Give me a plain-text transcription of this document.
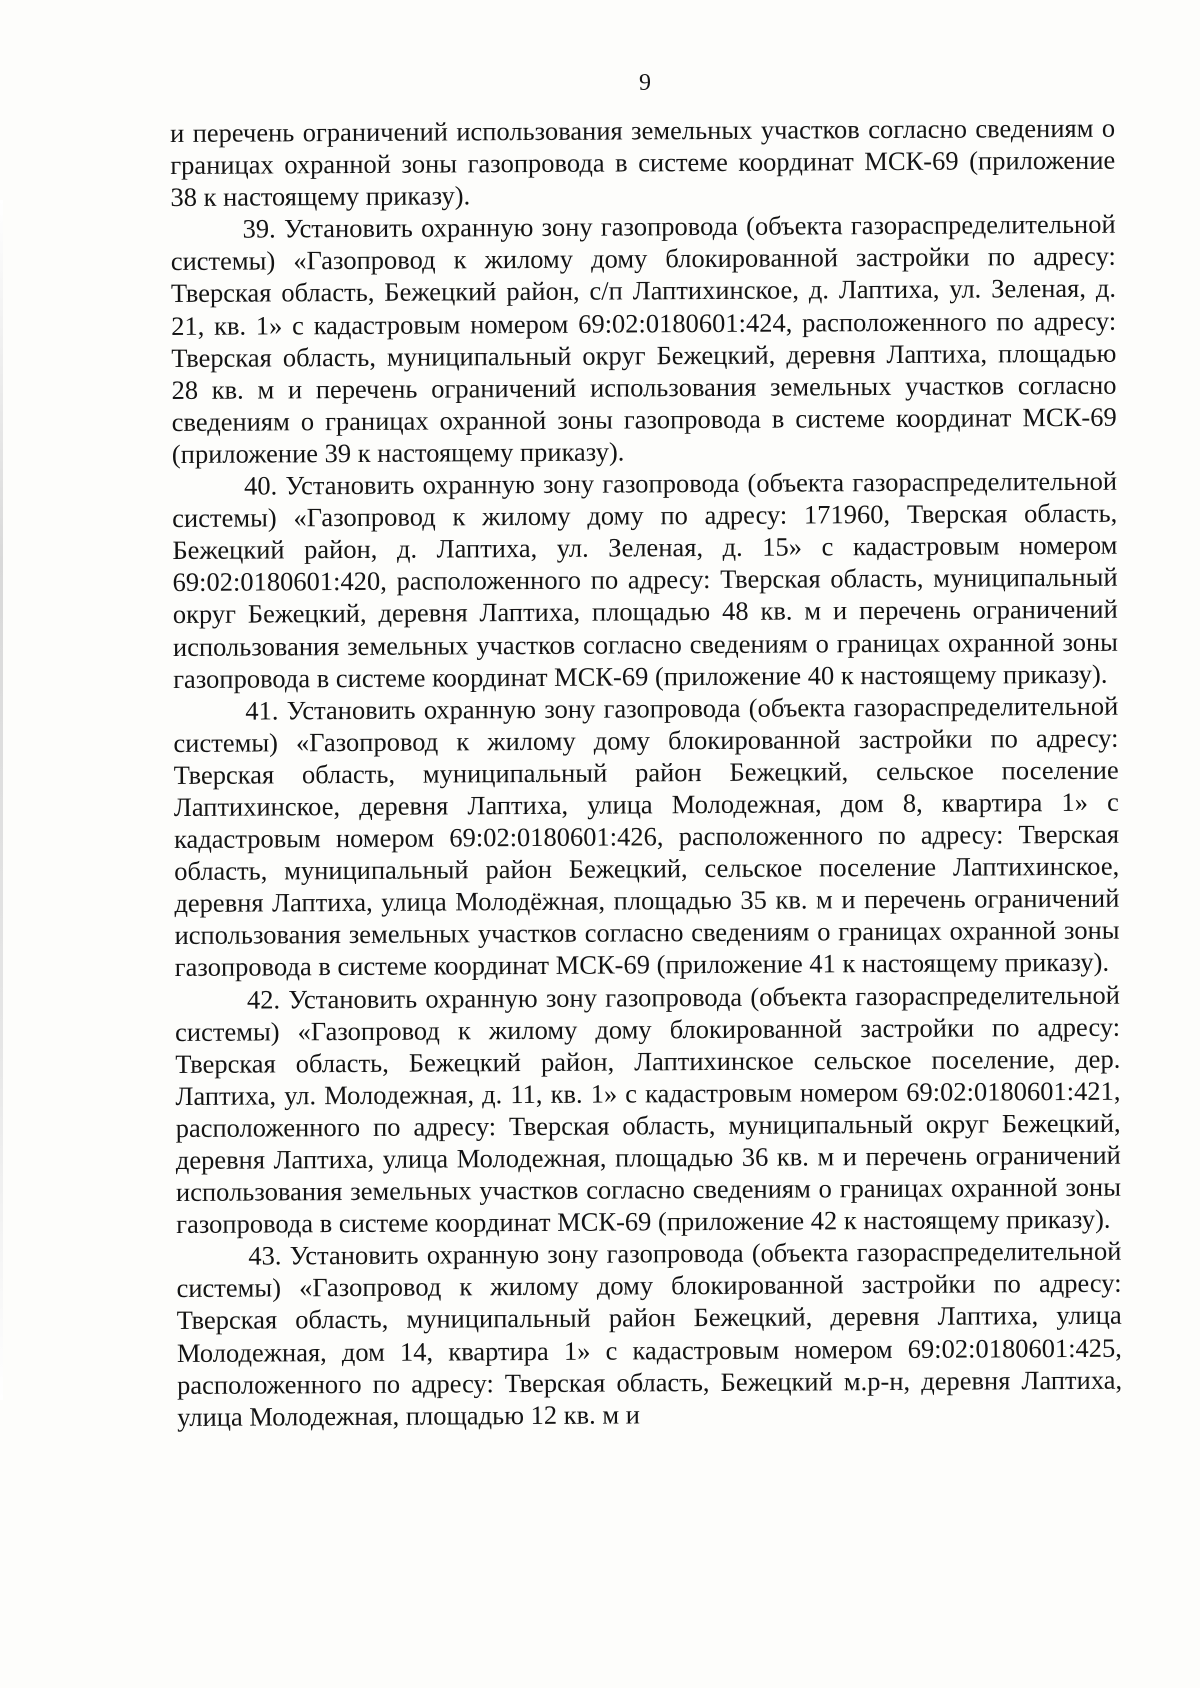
9

и перечень ограничений использования земельных участков согласно сведениям о границах охранной зоны газопровода в системе координат МСК-69 (приложение 38 к настоящему приказу).

39. Установить охранную зону газопровода (объекта газораспределительной системы) «Газопровод к жилому дому блокированной застройки по адресу: Тверская область, Бежецкий район, с/п Лаптихинское, д. Лаптиха, ул. Зеленая, д. 21, кв. 1» с кадастровым номером 69:02:0180601:424, расположенного по адресу: Тверская область, муниципальный округ Бежецкий, деревня Лаптиха, площадью 28 кв. м и перечень ограничений использования земельных участков согласно сведениям о границах охранной зоны газопровода в системе координат МСК-69 (приложение 39 к настоящему приказу).

40. Установить охранную зону газопровода (объекта газораспределительной системы) «Газопровод к жилому дому по адресу: 171960, Тверская область, Бежецкий район, д. Лаптиха, ул. Зеленая, д. 15» с кадастровым номером 69:02:0180601:420, расположенного по адресу: Тверская область, муниципальный округ Бежецкий, деревня Лаптиха, площадью 48 кв. м и перечень ограничений использования земельных участков согласно сведениям о границах охранной зоны газопровода в системе координат МСК-69 (приложение 40 к настоящему приказу).

41. Установить охранную зону газопровода (объекта газораспределительной системы) «Газопровод к жилому дому блокированной застройки по адресу: Тверская область, муниципальный район Бежецкий, сельское поселение Лаптихинское, деревня Лаптиха, улица Молодежная, дом 8, квартира 1» с кадастровым номером 69:02:0180601:426, расположенного по адресу: Тверская область, муниципальный район Бежецкий, сельское поселение Лаптихинское, деревня Лаптиха, улица Молодёжная, площадью 35 кв. м и перечень ограничений использования земельных участков согласно сведениям о границах охранной зоны газопровода в системе координат МСК-69 (приложение 41 к настоящему приказу).

42. Установить охранную зону газопровода (объекта газораспределительной системы) «Газопровод к жилому дому блокированной застройки по адресу: Тверская область, Бежецкий район, Лаптихинское сельское поселение, дер. Лаптиха, ул. Молодежная, д. 11, кв. 1» с кадастровым номером 69:02:0180601:421, расположенного по адресу: Тверская область, муниципальный округ Бежецкий, деревня Лаптиха, улица Молодежная, площадью 36 кв. м и перечень ограничений использования земельных участков согласно сведениям о границах охранной зоны газопровода в системе координат МСК-69 (приложение 42 к настоящему приказу).

43. Установить охранную зону газопровода (объекта газораспределительной системы) «Газопровод к жилому дому блокированной застройки по адресу: Тверская область, муниципальный район Бежецкий, деревня Лаптиха, улица Молодежная, дом 14, квартира 1» с кадастровым номером 69:02:0180601:425, расположенного по адресу: Тверская область, Бежецкий м.р-н, деревня Лаптиха, улица Молодежная, площадью 12 кв. м и
